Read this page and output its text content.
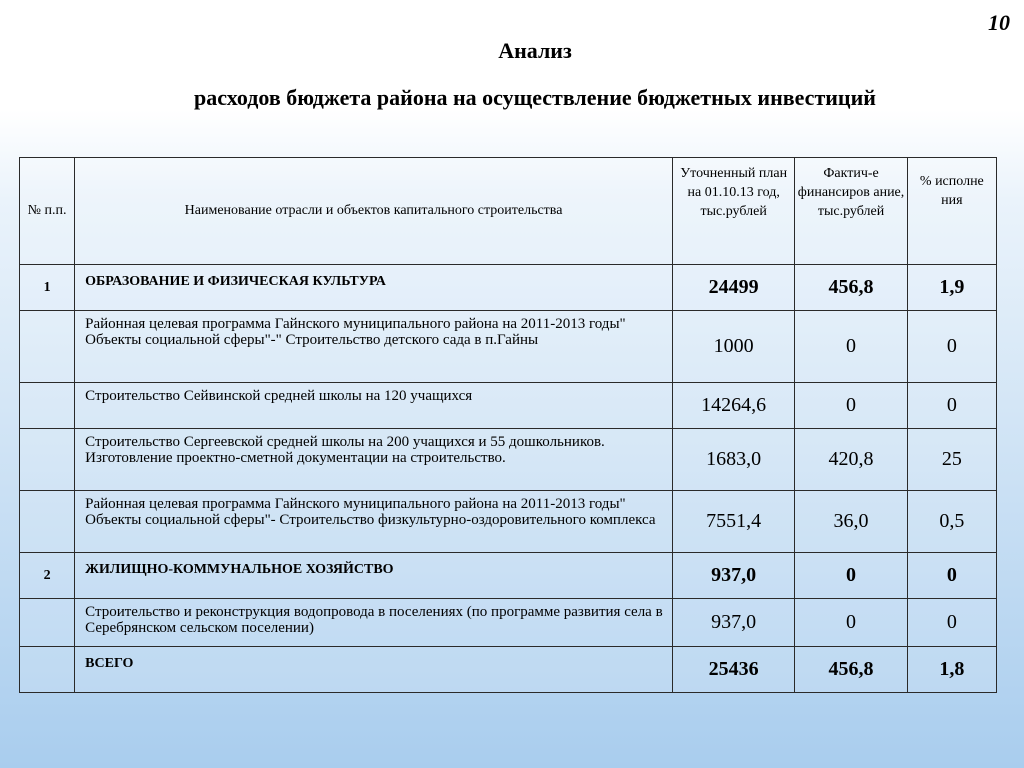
10
Анализ
расходов бюджета района на осуществление бюджетных инвестиций
№ п.п.	Наименование отрасли и объектов капитального строительства	Уточненный план на 01.10.13 год, тыс.рублей	Фактич-е финансиров ание, тыс.рублей	% исполне ния
1	ОБРАЗОВАНИЕ И ФИЗИЧЕСКАЯ КУЛЬТУРА	24499	456,8	1,9
	Районная целевая программа Гайнского муниципального района на 2011-2013 годы" Объекты социальной сферы"-" Строительство детского сада в п.Гайны	1000	0	0
	Строительство Сейвинской средней школы на 120 учащихся	14264,6	0	0
	Строительство Сергеевской средней школы на 200 учащихся и 55 дошкольников. Изготовление проектно-сметной документации на строительство.	1683,0	420,8	25
	Районная целевая программа Гайнского муниципального района на 2011-2013 годы" Объекты социальной сферы"- Строительство физкультурно-оздоровительного комплекса	7551,4	36,0	0,5
2	ЖИЛИЩНО-КОММУНАЛЬНОЕ ХОЗЯЙСТВО	937,0	0	0
	Строительство и реконструкция водопровода в поселениях (по программе развития села в Серебрянском сельском поселении)	937,0	0	0
	ВСЕГО	25436	456,8	1,8
